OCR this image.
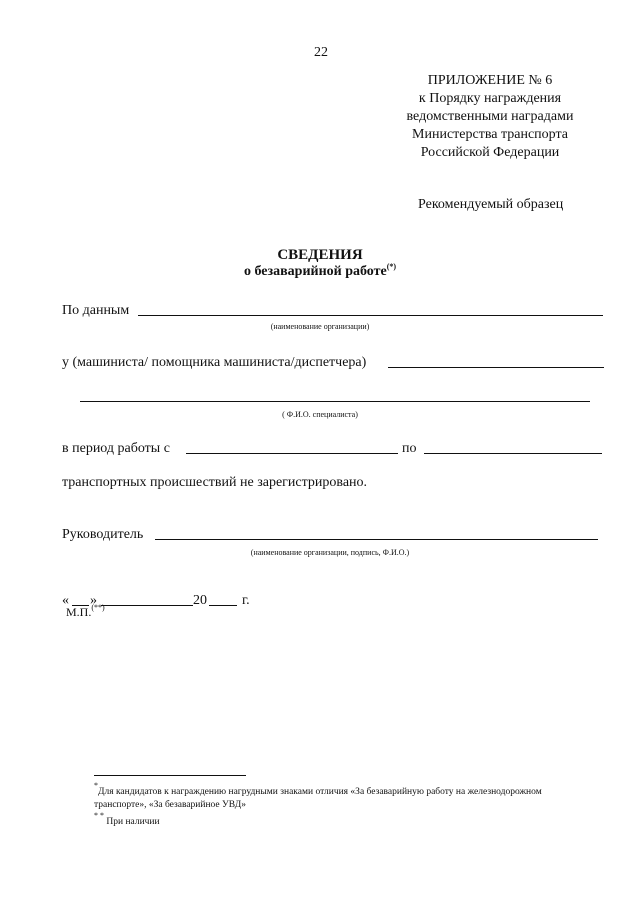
22
ПРИЛОЖЕНИЕ № 6
к Порядку награждения
ведомственными наградами
Министерства транспорта
Российской Федерации
Рекомендуемый образец
СВЕДЕНИЯ
о безаварийной работе(*)
По данным
(наименование организации)
у (машиниста/ помощника машиниста/диспетчера)
( Ф.И.О. специалиста)
в период работы с	по
транспортных происшествий не зарегистрировано.
Руководитель
(наименование организации, подпись, Ф.И.О.)
« »	20	г.
М.П.(**)
*Для кандидатов к награждению нагрудными знаками отличия «За безаварийную работу на железнодорожном
транспорте», «За безаварийное УВД»
* * При наличии
